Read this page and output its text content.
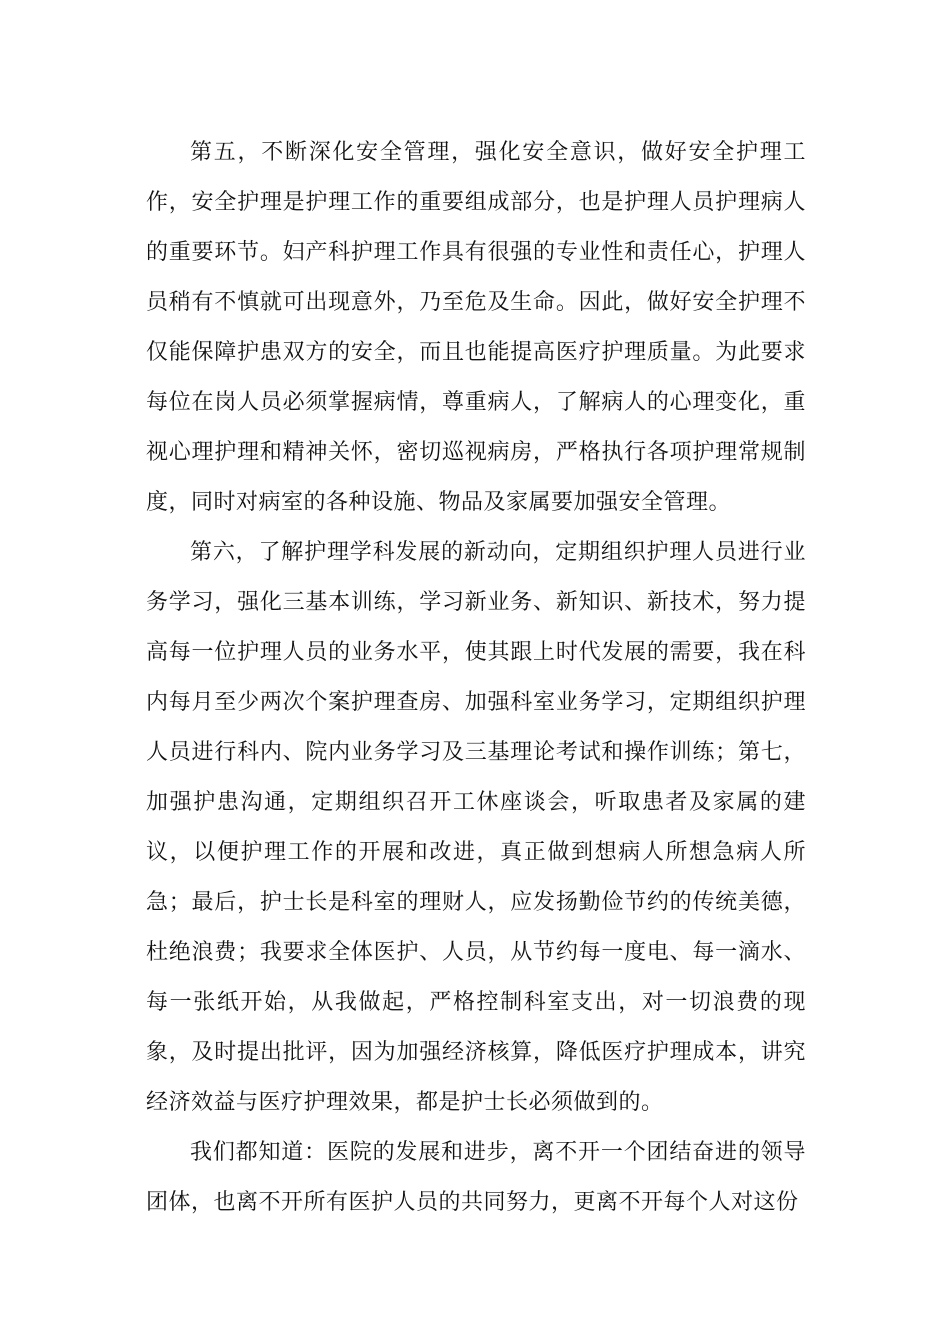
第五，不断深化安全管理，强化安全意识，做好安全护理工作，安全护理是护理工作的重要组成部分，也是护理人员护理病人的重要环节。妇产科护理工作具有很强的专业性和责任心，护理人员稍有不慎就可出现意外，乃至危及生命。因此，做好安全护理不仅能保障护患双方的安全，而且也能提高医疗护理质量。为此要求每位在岗人员必须掌握病情，尊重病人，了解病人的心理变化，重视心理护理和精神关怀，密切巡视病房，严格执行各项护理常规制度，同时对病室的各种设施、物品及家属要加强安全管理。

第六，了解护理学科发展的新动向，定期组织护理人员进行业务学习，强化三基本训练，学习新业务、新知识、新技术，努力提高每一位护理人员的业务水平，使其跟上时代发展的需要，我在科内每月至少两次个案护理查房、加强科室业务学习，定期组织护理人员进行科内、院内业务学习及三基理论考试和操作训练；第七，加强护患沟通，定期组织召开工休座谈会，听取患者及家属的建议，以便护理工作的开展和改进，真正做到想病人所想急病人所急；最后，护士长是科室的理财人，应发扬勤俭节约的传统美德，杜绝浪费；我要求全体医护、人员，从节约每一度电、每一滴水、每一张纸开始，从我做起，严格控制科室支出，对一切浪费的现象，及时提出批评，因为加强经济核算，降低医疗护理成本，讲究经济效益与医疗护理效果，都是护士长必须做到的。

我们都知道：医院的发展和进步，离不开一个团结奋进的领导团体，也离不开所有医护人员的共同努力，更离不开每个人对这份
